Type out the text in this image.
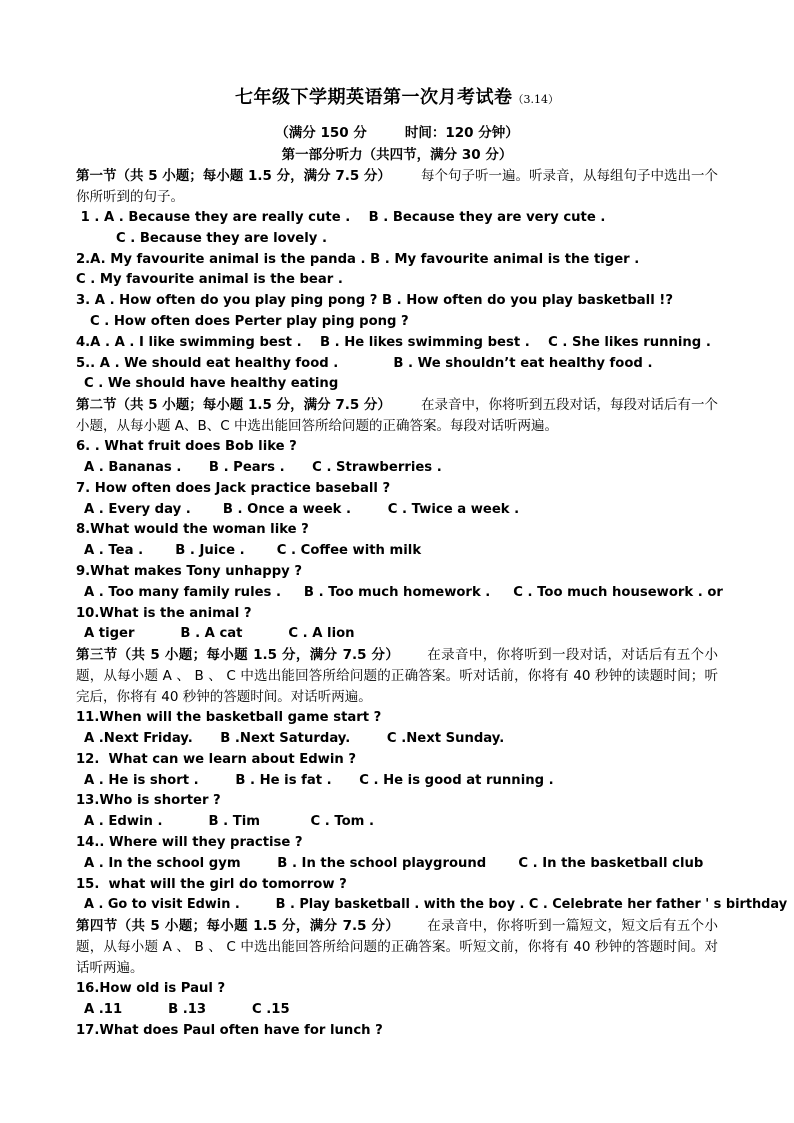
七年级下学期英语第一次月考试卷（3.14）
（满分 150 分	时间：120 分钟）
第一部分听力（共四节，满分 30 分）
第一节（共 5 小题；每小题 1.5 分，满分 7.5 分） 每个句子听一遍。听录音，从每组句子中选出一个你所听到的句子。
1 . A . Because they are really cute .    B . Because they are very cute .
C . Because they are lovely .
2.A. My favourite animal is the panda . B . My favourite animal is the tiger .
C . My favourite animal is the bear .
3. A . How often do you play ping pong ? B . How often do you play basketball !?
C . How often does Perter play ping pong ?
4.A . A . I like swimming best .    B . He likes swimming best .    C . She likes running .
5.. A . We should eat healthy food .            B . We shouldn’t eat healthy food .
C . We should have healthy eating
第二节（共 5 小题；每小题 1.5 分，满分 7.5 分） 在录音中，你将听到五段对话，每段对话后有一个小题，从每小题 A、B、C 中选出能回答所给问题的正确答案。每段对话听两遍。
6. . What fruit does Bob like ?
A . Bananas .      B . Pears .      C . Strawberries .
7. How often does Jack practice baseball ?
A . Every day .       B . Once a week .        C . Twice a week .
8.What would the woman like ?
A . Tea .       B . Juice .       C . Coffee with milk
9.What makes Tony unhappy ?
A . Too many family rules .     B . Too much homework .     C . Too much housework . or
10.What is the animal ?
A tiger          B . A cat          C . A lion
第三节（共 5 小题；每小题 1.5 分，满分 7.5 分） 在录音中，你将听到一段对话，对话后有五个小题，从每小题 A 、 B 、 C 中选出能回答所给问题的正确答案。听对话前，你将有 40 秒钟的读题时间；听完后，你将有 40 秒钟的答题时间。对话听两遍。
11.When will the basketball game start ?
A .Next Friday.      B .Next Saturday.        C .Next Sunday.
12.  What can we learn about Edwin ?
A . He is short .        B . He is fat .      C . He is good at running .
13.Who is shorter ?
A . Edwin .          B . Tim           C . Tom .
14.. Where will they practise ?
A . In the school gym        B . In the school playground       C . In the basketball club
15.  what will the girl do tomorrow ?
A . Go to visit Edwin .        B . Play basketball . with the boy . C . Celebrate her father ' s birthday
第四节（共 5 小题；每小题 1.5 分，满分 7.5 分） 在录音中，你将听到一篇短文，短文后有五个小题，从每小题 A 、 B 、 C 中选出能回答所给问题的正确答案。听短文前，你将有 40 秒钟的答题时间。对话听两遍。
16.How old is Paul ?
A .11          B .13          C .15
17.What does Paul often have for lunch ?
